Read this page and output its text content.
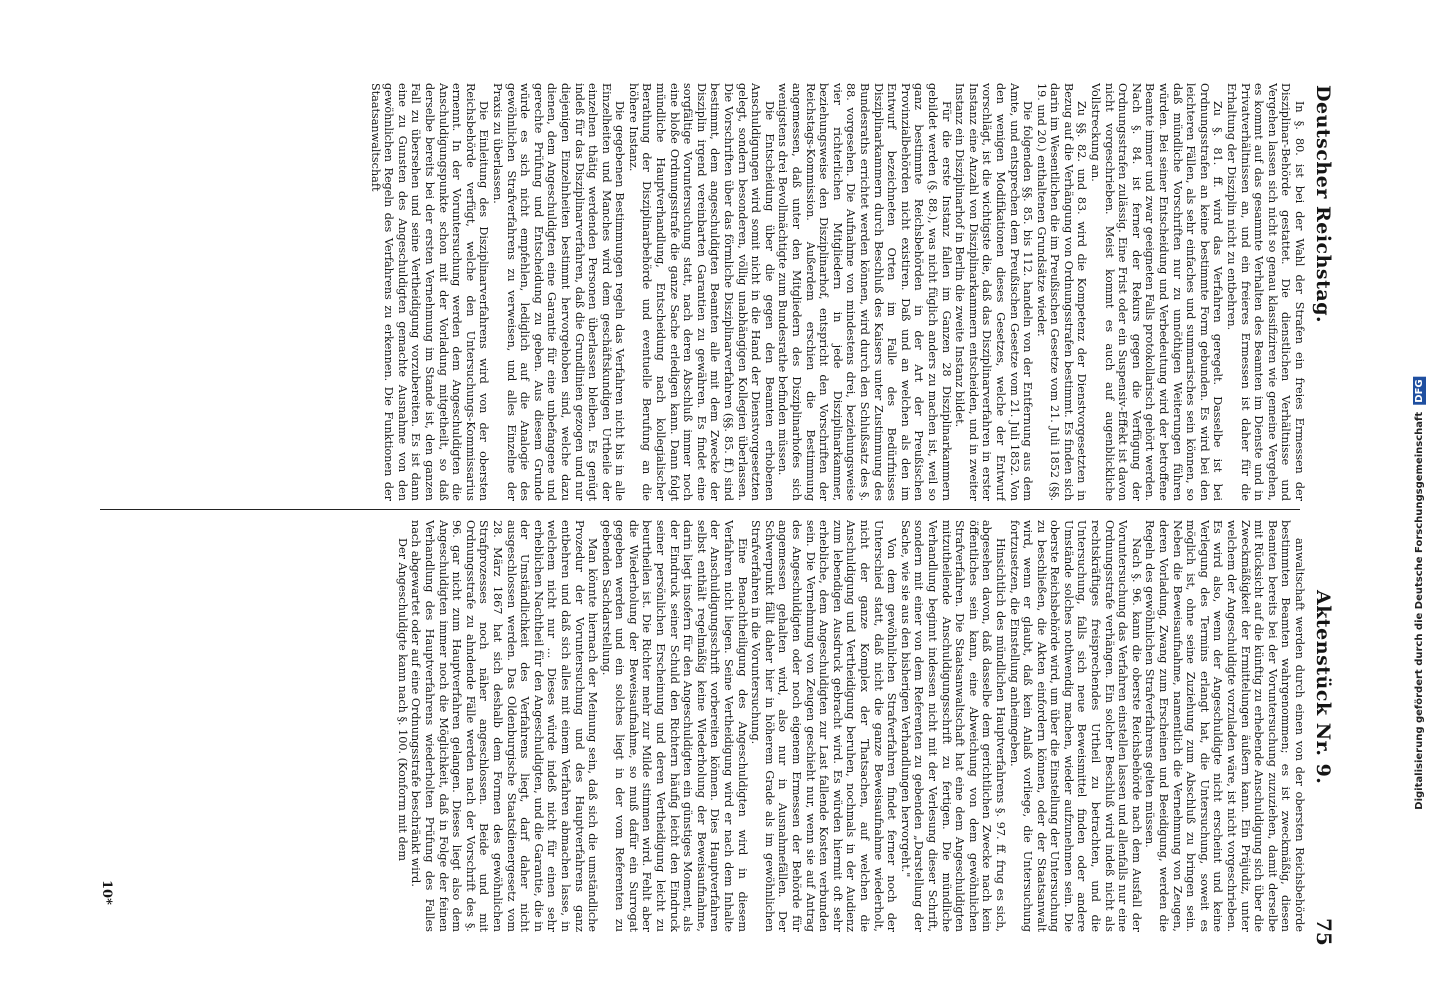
Deutscher Reichstag.
Aktenstück Nr. 9.
75

In §. 80. ist bei der Wahl der Strafen ein freies Ermessen der Disziplinar-Behörde gestattet. Die dienstlichen Verhältnisse und Vergehen lassen sich nicht so genau klassifiziren wie gemeine Vergehen, es kommt auf das gesammte Verhalten des Beamten im Dienste und in Privatverhältnissen an, und ein freieres Ermessen ist daher für die Erhaltung der Disziplin nicht zu entbehren.

Zu §. 81. ff. wird das Verfahren geregelt. Dasselbe ist bei Ordnungsstrafen an keine bestimmte Form gebunden. Es wird bei den leichteren Fällen, als sehr einfaches und summarisches sein können, so daß mündliche Vorschriften nur zu unnöthigen Weiterungen führen würden. Bei seiner Entscheidung und Verbedeutung wird der betroffene Beamte immer und zwar geeigneten Falls protokollarisch gehört werden. Nach §. 84. ist ferner der Rekurs gegen die Verfügung der Ordnungsstrafen zulässig. Eine Frist oder ein Suspensiv-Effekt ist davon nicht vorgeschrieben. Meist kommt es auch auf augenblickliche Vollstreckung an.

Zu §§. 82. und 83. wird die Kompetenz der Dienstvorgesetzten in Bezug auf die Verhängung von Ordnungsstrafen bestimmt. Es finden sich darin im Wesentlichen die im Preußischen Gesetze vom 21. Juli 1852 (§§. 19. und 20.) enthaltenen Grundsätze wieder.

Die folgenden §§. 85. bis 112. handeln von der Entfernung aus dem Amte, und entsprechen dem Preußischen Gesetze vom 21. Juli 1852. Von den wenigen Modifikationen dieses Gesetzes, welche der Entwurf vorschlägt, ist die wichtigste die, daß das Disziplinarverfahren in erster Instanz eine Anzahl von Disziplinarkammern entscheiden, und in zweiter Instanz ein Disziplinarhof in Berlin die zweite Instanz bildet.

Für die erste Instanz fallen im Ganzen 28 Disziplinarkammern gebildet werden (§. 88.), was nicht füglich anders zu machen ist, weil so ganz bestimmte Reichsbehörden in der Art der Preußischen Provinzialbehörden nicht existiren. Daß und an welchen als den im Entwurf bezeichneten Orten im Falle des Bedürfnisses Disziplinarkammern durch Beschluß des Kaisers unter Zustimmung des Bundesraths errichtet werden können, wird durch den Schlußsatz des §. 88. vorgesehen. Die Aufnahme von mindestens drei, beziehungsweise vier richterlichen Mitgliedern in jede Disziplinarkammer, beziehungsweise den Disziplinarhof, entspricht den Vorschriften der Reichstags-Kommission. Außerdem erschien die Bestimmung angemessen, daß unter den Mitgliedern des Disziplinarhofes sich wenigstens drei Bevollmächtigte zum Bundesrathe befinden müssen.

Die Entscheidung über die gegen den Beamten erhobenen Anschuldigungen wird somit nicht in die Hand der Dienstvorgesetzten gelegt, sondern besonderen, völlig unabhängigen Kollegien überlassen. Die Vorschriften über das förmliche Disziplinarverfahren (§§. 85. ff.) sind bestimmt, dem angeschuldigten Beamten alle mit dem Zwecke der Disziplin irgend vereinbarten Garantien zu gewähren. Es findet eine sorgfältige Voruntersuchung statt, nach deren Abschluß immer noch eine bloße Ordnungsstrafe die ganze Sache erledigen kann. Dann folgt mündliche Hauptverhandlung, Entscheidung nach kollegialischer Berathung der Disziplinarbehörde und eventuelle Berufung an die höhere Instanz.

Die gegebenen Bestimmungen regeln das Verfahren nicht bis in alle Einzelheiten und Manches wird dem geschäftskundigen Urtheile der einzelnen thätig werdenden Personen überlassen bleiben. Es genügt indeß für das Disziplinarverfahren, daß die Grundlinien gezogen und nur diejenigen Einzelnheiten bestimmt hervorgehoben sind, welche dazu dienen, dem Angeschuldigten eine Garantie für eine unbefangene und gerechte Prüfung und Entscheidung zu geben. Aus diesem Grunde würde es sich nicht empfehlen, lediglich auf die Analogie des gewöhnlichen Strafverfahrens zu verweisen, und alles Einzelne der Praxis zu überlassen.

Die Einleitung des Disziplinarverfahrens wird von der obersten Reichsbehörde verfügt, welche den Untersuchungs-Kommissarius ernennt. In der Voruntersuchung werden dem Angeschuldigten die Anschuldigungspunkte schon mit der Vorladung mitgetheilt, so daß derselbe bereits bei der ersten Vernehmung im Stande ist, den ganzen Fall zu übersehen und seine Vertheidigung vorzubereiten. Es ist dann eine zu Gunsten des Angeschuldigten gemachte Ausnahme von den gewöhnlichen Regeln des Verfahrens zu erkennen. Die Funktionen der Staatsanwaltschaft

anwaltschaft werden durch einen von der obersten Reichsbehörde bestimmten Beamten wahrgenommen; es ist zweckmäßig, diesen Beamten bereits bei der Voruntersuchung zuzuziehen, damit derselbe mit Rücksicht auf die künftig zu erhebende Anschuldigung sich über die Zweckmäßigkeit der Ermittelungen äußern kann. Ein Präjudiz, unter welchem der Angeschuldigte vorzuladen wäre, ist nicht vorgeschrieben. Es wird also, wenn der Angeschuldigte nicht erscheint und keine Verlegung des Termins erlangt hat, die Untersuchung, soweit es möglich ist, ohne seine Zuziehung zum Abschluß zu bringen sein. Neben die Beweisaufnahme, namentlich die Vernehmung von Zeugen, deren Vorladung, Zwang zum Erscheinen und Beeidigung, werden die Regeln des gewöhnlichen Strafverfahrens gelten müssen.

Nach §. 96. kann die oberste Reichsbehörde nach dem Ausfall der Voruntersuchung das Verfahren einstellen lassen und allenfalls nur eine Ordnungsstrafe verhängen. Ein solcher Beschluß wird indeß nicht als rechtskräftiges freisprechendes Urtheil zu betrachten, und die Untersuchung, falls sich neue Beweismittel finden oder andere Umstände solches nothwendig machen, wieder aufzunehmen sein. Die oberste Reichsbehörde wird, um über die Einstellung der Untersuchung zu beschließen, die Akten einfordern können, oder der Staatsanwalt wird, wenn er glaubt, daß kein Anlaß vorliege, die Untersuchung fortzusetzen, die Einstellung anheimgeben.

Hinsichtlich des mündlichen Hauptverfahrens §. 97. ff. frug es sich, abgesehen davon, daß dasselbe dem gerichtlichen Zwecke nach kein öffentliches sein kann, eine Abweichung von dem gewöhnlichen Strafverfahren. Die Staatsanwaltschaft hat eine dem Angeschuldigten mitzutheilende Anschuldigungsschrift zu fertigen. Die mündliche Verhandlung beginnt indessen nicht mit der Verlesung dieser Schrift, sondern mit einer von dem Referenten zu gebenden „Darstellung der Sache, wie sie aus den bisherigen Verhandlungen hervorgeht."

Von dem gewöhnlichen Strafverfahren findet ferner noch der Unterschied statt, daß nicht die ganze Beweisaufnahme wiederholt, nicht der ganze Komplex der Thatsachen, auf welchen die Anschuldigung und Vertheidigung beruhen, nochmals in der Audienz zum lebendigen Ausdruck gebracht wird. Es würden hiermit oft sehr erhebliche, dem Angeschuldigten zur Last fallende Kosten verbunden sein. Die Vernehmung von Zeugen geschieht nur, wenn sie auf Antrag des Angeschuldigten oder noch eigenem Ermessen der Behörde für angemessen gehalten wird, also nur in Ausnahmefällen. Der Schwerpunkt fällt daher hier in höherem Grade als im gewöhnlichen Strafverfahren in die Voruntersuchung.

Eine Benachtheiligung des Angeschuldigten wird in diesem Verfahren nicht liegen. Seine Vertheidigung wird er nach dem Inhalte der Anschuldigungsschrift vorbereiten können. Dies Hauptverfahren selbst enthält regelmäßig keine Wiederholung der Beweisaufnahme, darin liegt insofern für den Angeschuldigten ein günstiges Moment, als der Eindruck seiner Schuld den Richtern häufig leicht den Eindruck seiner persönlichen Erscheinung und deren Vertheidigung leicht zu beurtheilen ist. Die Richter mehr zur Milde stimmen wird. Fehlt aber die Wiederholung der Beweisaufnahme, so muß dafür ein Surrogat gegeben werden und ein solches liegt in der vom Referenten zu gebenden Sachdarstellung.

Man könnte hiernach der Meinung sein, daß sich die umständliche Prozedur der Voruntersuchung und des Hauptverfahrens ganz entbehren und daß sich alles mit einem Verfahren abmachen lasse, in welchem nicht nur ... Dieses würde indeß nicht für einen sehr erheblichen Nachtheil für den Angeschuldigten, und die Garantie, die in der Umständlichkeit des Verfahrens liegt, darf daher nicht ausgeschlossen werden. Das Oldenburgische Staatsdienergesetz vom 28. März 1867 hat sich deshalb dem Formen des gewöhnlichen Strafprozesses noch näher angeschlossen. Beide und mit Ordnungsstrafe zu ahndende Fälle werden nach der Vorschrift des §. 96. gar nicht zum Hauptverfahren gelangen. Dieses liegt also dem Angeschuldigten immer noch die Möglichkeit, daß in Folge der feinen Verhandlung des Hauptverfahrens wiederholten Prüfung des Falles nach abgewartet oder auf eine Ordnungsstrafe beschränkt wird.

Der Angeschuldigte kann nach §. 100. (Konform mit dem

10*
Digitalisierung gefördert durch die Deutsche Forschungsgemeinschaft DFG
